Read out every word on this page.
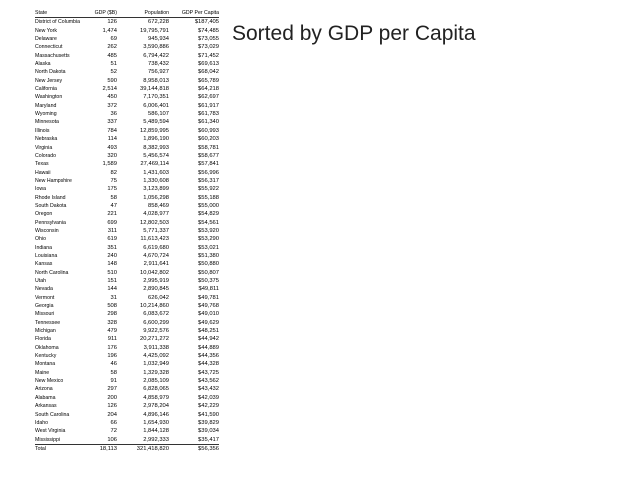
Sorted by GDP per Capita
State	GDP ($B)	Population	GDP Per Capita
District of Columbia	126	672,228	$187,405
New York	1,474	19,795,791	$74,485
Delaware	69	945,934	$73,055
Connecticut	262	3,590,886	$73,029
Massachusetts	485	6,794,422	$71,452
Alaska	51	738,432	$69,613
North Dakota	52	756,927	$68,042
New Jersey	590	8,958,013	$65,789
California	2,514	39,144,818	$64,218
Washington	450	7,170,351	$62,697
Maryland	372	6,006,401	$61,917
Wyoming	36	586,107	$61,783
Minnesota	337	5,489,594	$61,340
Illinois	784	12,859,995	$60,993
Nebraska	114	1,896,190	$60,203
Virginia	493	8,382,993	$58,781
Colorado	320	5,456,574	$58,677
Texas	1,589	27,469,114	$57,841
Hawaii	82	1,431,603	$56,996
New Hampshire	75	1,330,608	$56,317
Iowa	175	3,123,899	$55,922
Rhode Island	58	1,056,298	$55,188
South Dakota	47	858,469	$55,000
Oregon	221	4,028,977	$54,829
Pennsylvania	699	12,802,503	$54,561
Wisconsin	311	5,771,337	$53,920
Ohio	619	11,613,423	$53,290
Indiana	351	6,619,680	$53,021
Louisiana	240	4,670,724	$51,380
Kansas	148	2,911,641	$50,880
North Carolina	510	10,042,802	$50,807
Utah	151	2,995,919	$50,375
Nevada	144	2,890,845	$49,811
Vermont	31	626,042	$49,781
Georgia	508	10,214,860	$49,768
Missouri	298	6,083,672	$49,010
Tennessee	328	6,600,299	$49,629
Michigan	479	9,922,576	$48,251
Florida	911	20,271,272	$44,942
Oklahoma	176	3,911,338	$44,889
Kentucky	196	4,425,092	$44,356
Montana	46	1,032,949	$44,328
Maine	58	1,329,328	$43,725
New Mexico	91	2,085,109	$43,562
Arizona	297	6,828,065	$43,432
Alabama	200	4,858,979	$42,039
Arkansas	126	2,978,204	$42,229
South Carolina	204	4,896,146	$41,590
Idaho	66	1,654,930	$39,829
West Virginia	72	1,844,128	$39,034
Mississippi	106	2,992,333	$35,417
Total	18,113	321,418,820	$56,356
